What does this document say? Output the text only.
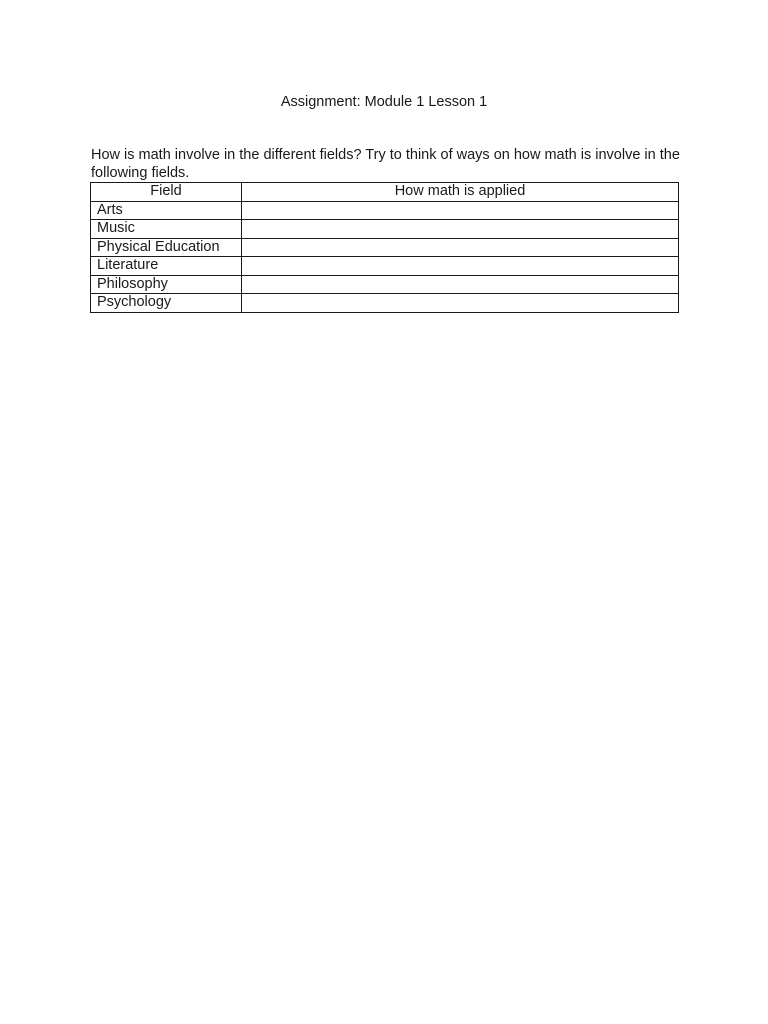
Assignment: Module 1 Lesson 1

How is math involve in the different fields? Try to think of ways on how math is involve in the following fields.

Field	How math is applied
Arts	
Music	
Physical Education	
Literature	
Philosophy	
Psychology	
